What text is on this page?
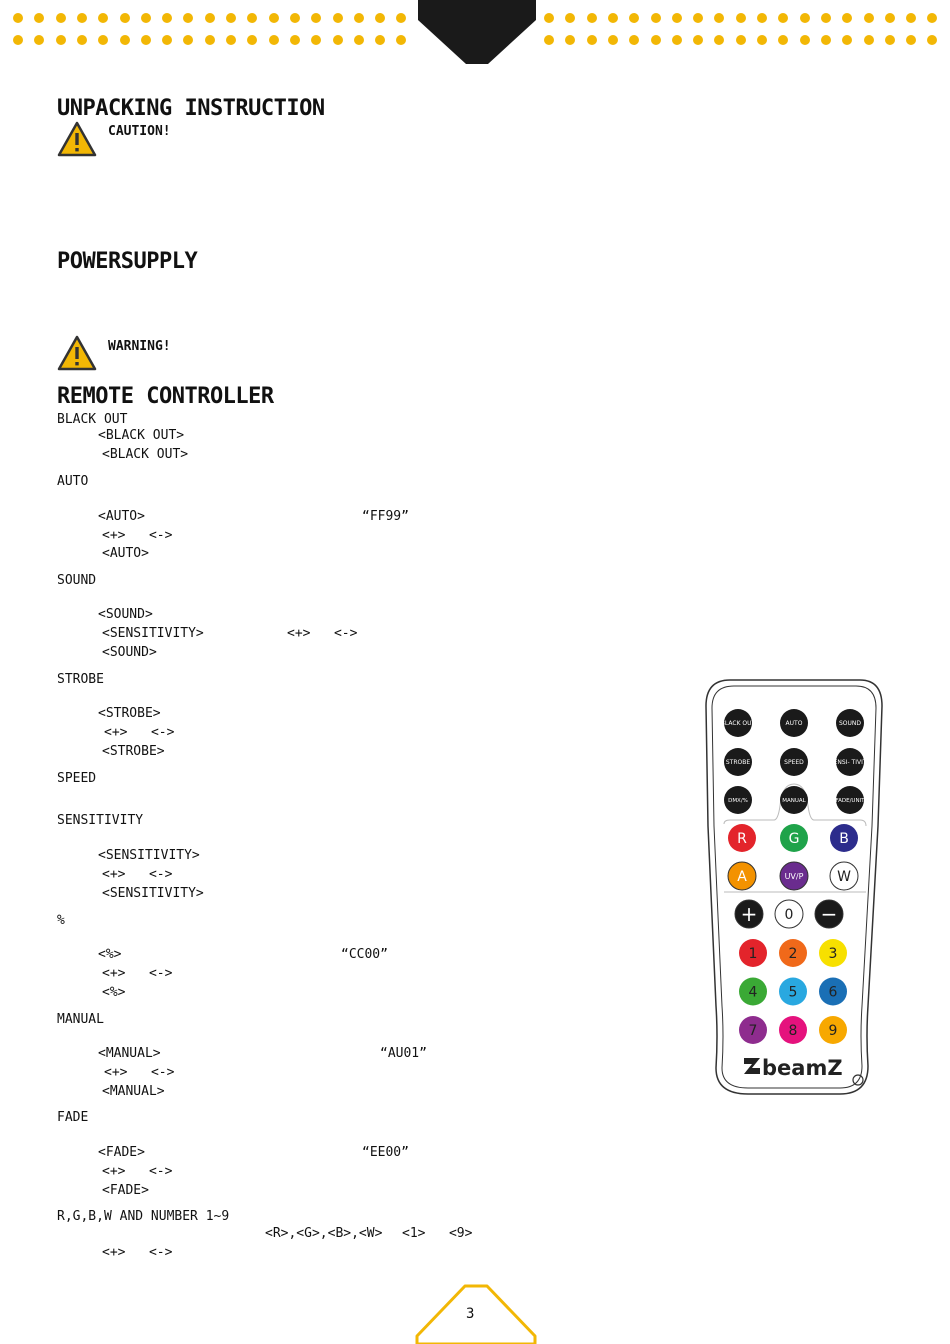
UNPACKING INSTRUCTION
CAUTION!
POWERSUPPLY
WARNING!
REMOTE CONTROLLER
BLACK OUT
<BLACK OUT>
<BLACK OUT>
AUTO
<AUTO>	“FF99”
<+>   <->
<AUTO>
SOUND
<SOUND>
<SENSITIVITY>	<+>   <->
<SOUND>
STROBE
<STROBE>
<+>   <->
<STROBE>
SPEED
SENSITIVITY
<SENSITIVITY>
<+>   <->
<SENSITIVITY>
%
<%>	“CC00”
<+>   <->
<%>
MANUAL
<MANUAL>	“AU01”
<+>   <->
<MANUAL>
FADE
<FADE>	“EE00”
<+>   <->
<FADE>
R,G,B,W AND NUMBER 1~9
<R>,<G>,<B>,<W> <1>   <9>
<+>   <->
BLACK OUT	AUTO	SOUND
STROBE	SPEED	SENSI- TIVITY
DMX/%	MANUAL	FADE/UNIT
R	G	B
A	UV/P W
+ 0 −
1 2 3
4 5 6
7 8 9
beamZ
3
